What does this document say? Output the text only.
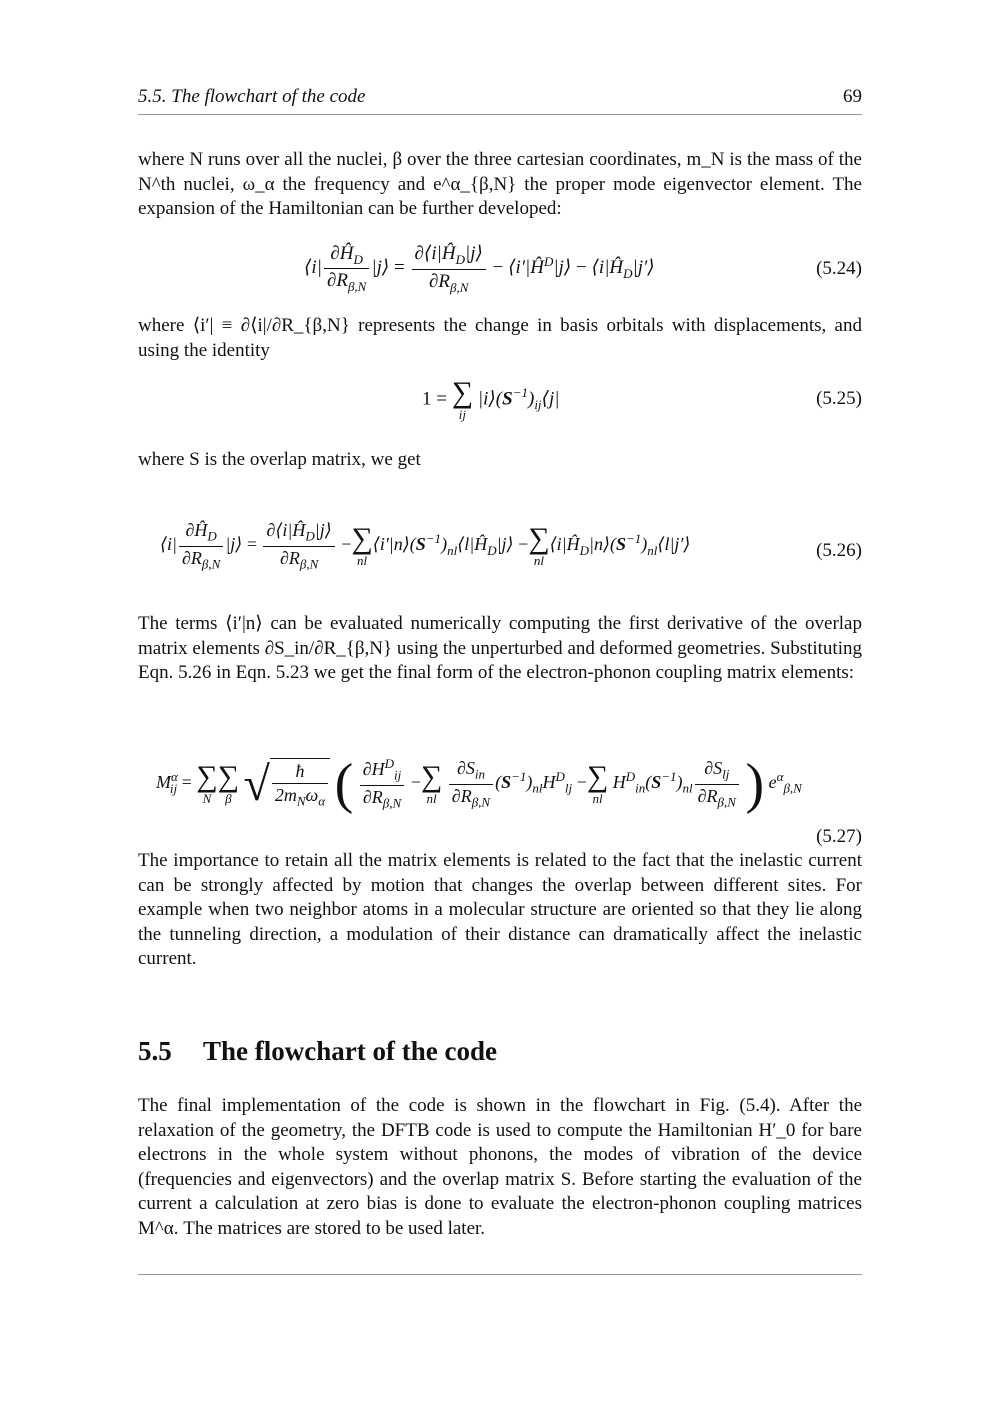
5.5. The flowchart of the code	69

where N runs over all the nuclei, β over the three cartesian coordinates, m_N is the mass of the N^th nuclei, ω_α the frequency and e^α_{β,N} the proper mode eigenvector element. The expansion of the Hamiltonian can be further developed:

⟨i| $\frac{\partial Ĥ_D}{\partial R_{\beta,N}}$ |j⟩ = $\frac{\partial⟨i|Ĥ_D|j⟩}{\partial R_{\beta,N}}$ − $⟨i'|Ĥ^D|j⟩$ − $⟨i|Ĥ_D|j'⟩$	(5.24)

where ⟨i′| ≡ ∂⟨i|/∂R_{β,N} represents the change in basis orbitals with displacements, and using the identity

1 = ∑
ij
$|i⟩(S^{-1})_{ij}⟨j|$	(5.25)

where S is the overlap matrix, we get

⟨i| $\frac{\partial Ĥ_D}{\partial R_{\beta,N}}$ |j⟩ = $\frac{\partial⟨i|Ĥ_D|j⟩}{\partial R_{\beta,N}}$ − ∑
nl
$⟨i'|n⟩(S^{-1})_{nl}⟨l|Ĥ_D|j⟩$ − ∑
nl
$⟨i|Ĥ_D|n⟩(S^{-1})_{nl}⟨l|j'⟩$	(5.26)

The terms ⟨i′|n⟩ can be evaluated numerically computing the first derivative of the overlap matrix elements ∂S_in/∂R_{β,N} using the unperturbed and deformed geometries. Substituting Eqn. 5.26 in Eqn. 5.23 we get the final form of the electron-phonon coupling matrix elements:

$M^\alpha_{ij}$ = ∑
N
∑
β √ $\frac{ħ}{2m_N\omega_\alpha}$ ( $\frac{\partial H^D_{ij}}{\partial R_{\beta,N}}$ − ∑
nl
$\frac{\partial S_{in}}{\partial R_{\beta,N}} (S^{-1})_{nl}H^D_{lj}$ − ∑
nl
$H^D_{in}(S^{-1})_{nl} \frac{\partial S_{lj}}{\partial R_{\beta,N}}$ ) $e^\alpha_{\beta,N}$
(5.27)

The importance to retain all the matrix elements is related to the fact that the inelastic current can be strongly affected by motion that changes the overlap between different sites. For example when two neighbor atoms in a molecular structure are oriented so that they lie along the tunneling direction, a modulation of their distance can dramatically affect the inelastic current.

5.5 The flowchart of the code

The final implementation of the code is shown in the flowchart in Fig. (5.4). After the relaxation of the geometry, the DFTB code is used to compute the Hamiltonian H′_0 for bare electrons in the whole system without phonons, the modes of vibration of the device (frequencies and eigenvectors) and the overlap matrix S. Before starting the evaluation of the current a calculation at zero bias is done to evaluate the electron-phonon coupling matrices M^α. The matrices are stored to be used later.
